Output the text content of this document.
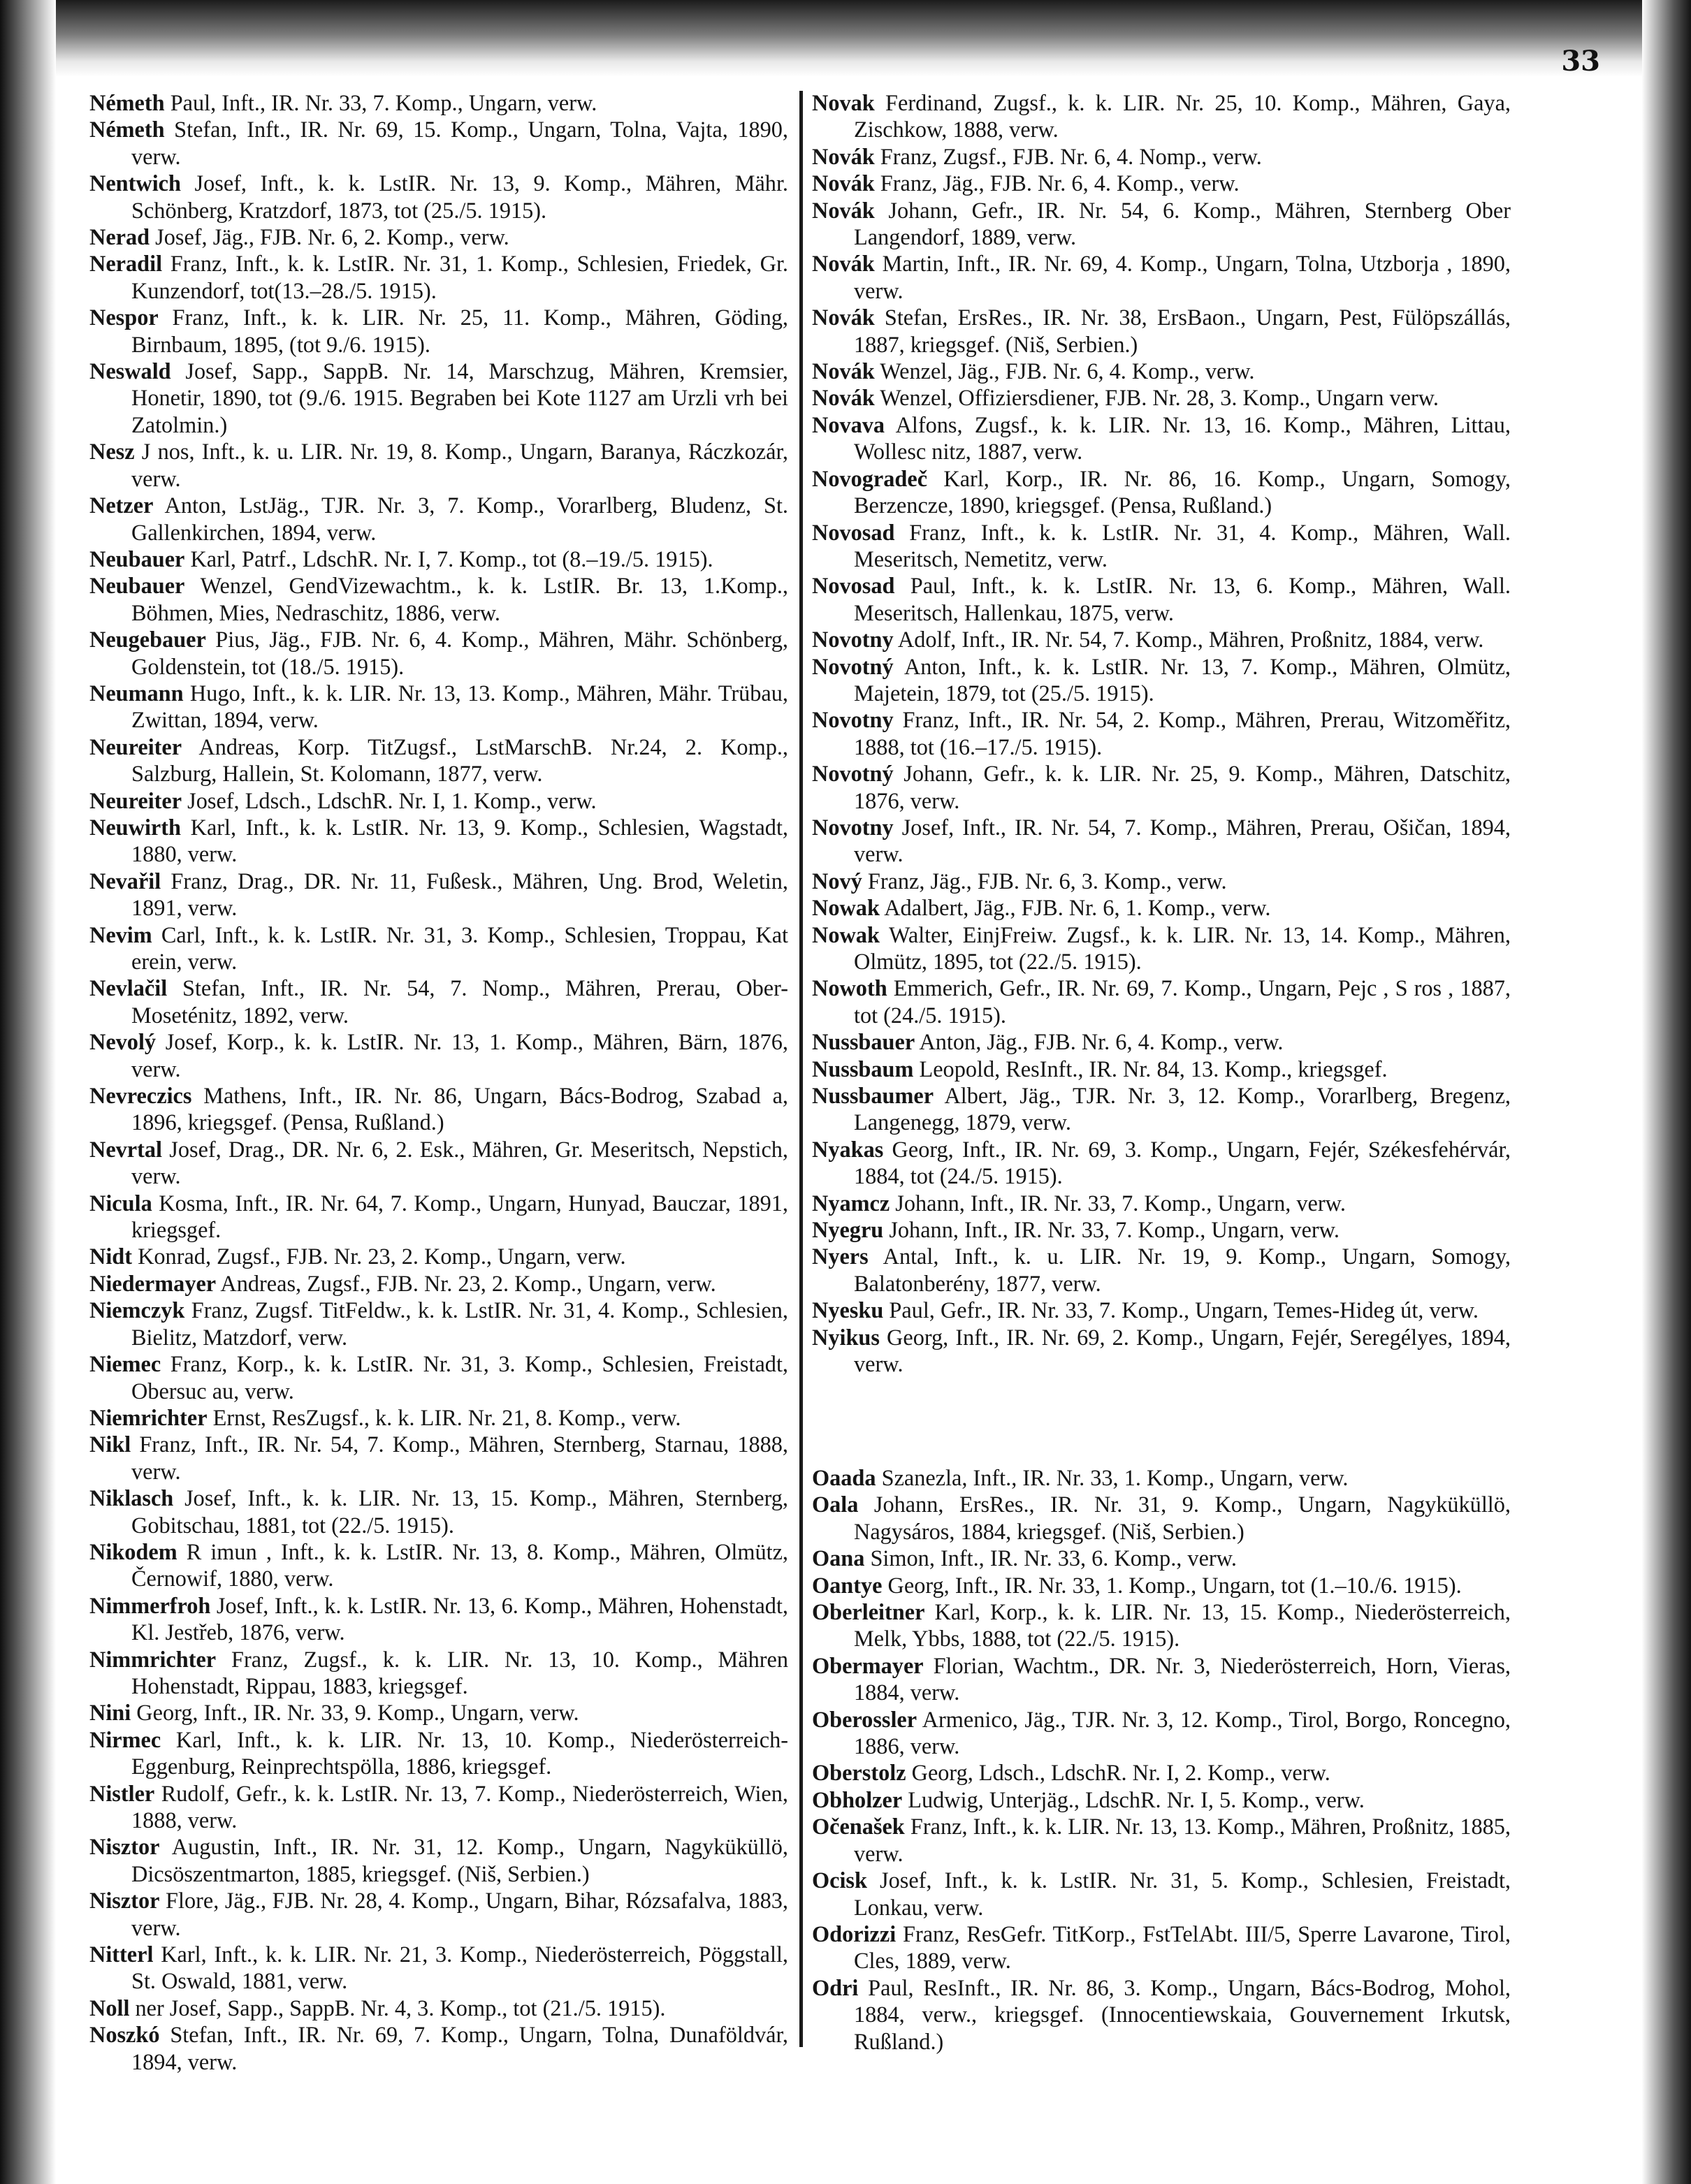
33
Németh Paul, Inft., IR. Nr. 33, 7. Komp., Ungarn, verw.
Németh Stefan, Inft., IR. Nr. 69, 15. Komp., Ungarn, Tolna, Vajta, 1890, verw.
Nentwich Josef, Inft., k. k. LstIR. Nr. 13, 9. Komp., Mähren, Mähr. Schönberg, Kratzdorf, 1873, tot (25./5. 1915).
Nerad Josef, Jäg., FJB. Nr. 6, 2. Komp., verw.
Neradil Franz, Inft., k. k. LstIR. Nr. 31, 1. Komp., Schlesien, Friedek, Gr. Kunzendorf, tot(13.–28./5. 1915).
Nespor Franz, Inft., k. k. LIR. Nr. 25, 11. Komp., Mähren, Göding, Birnbaum, 1895, (tot 9./6. 1915).
Neswald Josef, Sapp., SappB. Nr. 14, Marschzug, Mähren, Kremsier, Honetir, 1890, tot (9./6. 1915. Begraben bei Kote 1127 am Urzli vrh bei Zatolmin.)
Nesz J nos, Inft., k. u. LIR. Nr. 19, 8. Komp., Ungarn, Baranya, Ráczkozár, verw.
Netzer Anton, LstJäg., TJR. Nr. 3, 7. Komp., Vorarlberg, Bludenz, St. Gallenkirchen, 1894, verw.
Neubauer Karl, Patrf., LdschR. Nr. I, 7. Komp., tot (8.–19./5. 1915).
Neubauer Wenzel, GendVizewachtm., k. k. LstIR. Br. 13, 1.Komp., Böhmen, Mies, Nedraschitz, 1886, verw.
Neugebauer Pius, Jäg., FJB. Nr. 6, 4. Komp., Mähren, Mähr. Schönberg, Goldenstein, tot (18./5. 1915).
Neumann Hugo, Inft., k. k. LIR. Nr. 13, 13. Komp., Mähren, Mähr. Trübau, Zwittan, 1894, verw.
Neureiter Andreas, Korp. TitZugsf., LstMarschB. Nr.24, 2. Komp., Salzburg, Hallein, St. Kolomann, 1877, verw.
Neureiter Josef, Ldsch., LdschR. Nr. I, 1. Komp., verw.
Neuwirth Karl, Inft., k. k. LstIR. Nr. 13, 9. Komp., Schlesien, Wagstadt, 1880, verw.
Nevařil Franz, Drag., DR. Nr. 11, Fußesk., Mähren, Ung. Brod, Weletin, 1891, verw.
Nevim Carl, Inft., k. k. LstIR. Nr. 31, 3. Komp., Schlesien, Troppau, Kat erein, verw.
Nevlačil Stefan, Inft., IR. Nr. 54, 7. Nomp., Mähren, Prerau, Ober-Moseténitz, 1892, verw.
Nevolý Josef, Korp., k. k. LstIR. Nr. 13, 1. Komp., Mähren, Bärn, 1876, verw.
Nevreczics Mathens, Inft., IR. Nr. 86, Ungarn, Bács-Bodrog, Szabad a, 1896, kriegsgef. (Pensa, Rußland.)
Nevrtal Josef, Drag., DR. Nr. 6, 2. Esk., Mähren, Gr. Meseritsch, Nepstich, verw.
Nicula Kosma, Inft., IR. Nr. 64, 7. Komp., Ungarn, Hunyad, Bauczar, 1891, kriegsgef.
Nidt Konrad, Zugsf., FJB. Nr. 23, 2. Komp., Ungarn, verw.
Niedermayer Andreas, Zugsf., FJB. Nr. 23, 2. Komp., Ungarn, verw.
Niemczyk Franz, Zugsf. TitFeldw., k. k. LstIR. Nr. 31, 4. Komp., Schlesien, Bielitz, Matzdorf, verw.
Niemec Franz, Korp., k. k. LstIR. Nr. 31, 3. Komp., Schlesien, Freistadt, Obersuc au, verw.
Niemrichter Ernst, ResZugsf., k. k. LIR. Nr. 21, 8. Komp., verw.
Nikl Franz, Inft., IR. Nr. 54, 7. Komp., Mähren, Sternberg, Starnau, 1888, verw.
Niklasch Josef, Inft., k. k. LIR. Nr. 13, 15. Komp., Mähren, Sternberg, Gobitschau, 1881, tot (22./5. 1915).
Nikodem R imun , Inft., k. k. LstIR. Nr. 13, 8. Komp., Mähren, Olmütz, Černowif, 1880, verw.
Nimmerfroh Josef, Inft., k. k. LstIR. Nr. 13, 6. Komp., Mähren, Hohenstadt, Kl. Jestřeb, 1876, verw.
Nimmrichter Franz, Zugsf., k. k. LIR. Nr. 13, 10. Komp., Mähren Hohenstadt, Rippau, 1883, kriegsgef.
Nini Georg, Inft., IR. Nr. 33, 9. Komp., Ungarn, verw.
Nirmec Karl, Inft., k. k. LIR. Nr. 13, 10. Komp., Niederösterreich-Eggenburg, Reinprechtspölla, 1886, kriegsgef.
Nistler Rudolf, Gefr., k. k. LstIR. Nr. 13, 7. Komp., Niederösterreich, Wien, 1888, verw.
Nisztor Augustin, Inft., IR. Nr. 31, 12. Komp., Ungarn, Nagyküküllö, Dicsöszentmarton, 1885, kriegsgef. (Niš, Serbien.)
Nisztor Flore, Jäg., FJB. Nr. 28, 4. Komp., Ungarn, Bihar, Rózsafalva, 1883, verw.
Nitterl Karl, Inft., k. k. LIR. Nr. 21, 3. Komp., Niederösterreich, Pöggstall, St. Oswald, 1881, verw.
Noll ner Josef, Sapp., SappB. Nr. 4, 3. Komp., tot (21./5. 1915).
Noszkó Stefan, Inft., IR. Nr. 69, 7. Komp., Ungarn, Tolna, Dunaföldvár, 1894, verw.
Novak Ferdinand, Zugsf., k. k. LIR. Nr. 25, 10. Komp., Mähren, Gaya, Zischkow, 1888, verw.
Novák Franz, Zugsf., FJB. Nr. 6, 4. Nomp., verw.
Novák Franz, Jäg., FJB. Nr. 6, 4. Komp., verw.
Novák Johann, Gefr., IR. Nr. 54, 6. Komp., Mähren, Sternberg Ober Langendorf, 1889, verw.
Novák Martin, Inft., IR. Nr. 69, 4. Komp., Ungarn, Tolna, Utzborja , 1890, verw.
Novák Stefan, ErsRes., IR. Nr. 38, ErsBaon., Ungarn, Pest, Fülöpszállás, 1887, kriegsgef. (Niš, Serbien.)
Novák Wenzel, Jäg., FJB. Nr. 6, 4. Komp., verw.
Novák Wenzel, Offiziersdiener, FJB. Nr. 28, 3. Komp., Ungarn verw.
Novava Alfons, Zugsf., k. k. LIR. Nr. 13, 16. Komp., Mähren, Littau, Wollesc nitz, 1887, verw.
Novogradeč Karl, Korp., IR. Nr. 86, 16. Komp., Ungarn, Somogy, Berzencze, 1890, kriegsgef. (Pensa, Rußland.)
Novosad Franz, Inft., k. k. LstIR. Nr. 31, 4. Komp., Mähren, Wall. Meseritsch, Nemetitz, verw.
Novosad Paul, Inft., k. k. LstIR. Nr. 13, 6. Komp., Mähren, Wall. Meseritsch, Hallenkau, 1875, verw.
Novotny Adolf, Inft., IR. Nr. 54, 7. Komp., Mähren, Proßnitz, 1884, verw.
Novotný Anton, Inft., k. k. LstIR. Nr. 13, 7. Komp., Mähren, Olmütz, Majetein, 1879, tot (25./5. 1915).
Novotny Franz, Inft., IR. Nr. 54, 2. Komp., Mähren, Prerau, Witzoměřitz, 1888, tot (16.–17./5. 1915).
Novotný Johann, Gefr., k. k. LIR. Nr. 25, 9. Komp., Mähren, Datschitz, 1876, verw.
Novotny Josef, Inft., IR. Nr. 54, 7. Komp., Mähren, Prerau, Ošičan, 1894, verw.
Nový Franz, Jäg., FJB. Nr. 6, 3. Komp., verw.
Nowak Adalbert, Jäg., FJB. Nr. 6, 1. Komp., verw.
Nowak Walter, EinjFreiw. Zugsf., k. k. LIR. Nr. 13, 14. Komp., Mähren, Olmütz, 1895, tot (22./5. 1915).
Nowoth Emmerich, Gefr., IR. Nr. 69, 7. Komp., Ungarn, Pejc , S ros , 1887, tot (24./5. 1915).
Nussbauer Anton, Jäg., FJB. Nr. 6, 4. Komp., verw.
Nussbaum Leopold, ResInft., IR. Nr. 84, 13. Komp., kriegsgef.
Nussbaumer Albert, Jäg., TJR. Nr. 3, 12. Komp., Vorarlberg, Bregenz, Langenegg, 1879, verw.
Nyakas Georg, Inft., IR. Nr. 69, 3. Komp., Ungarn, Fejér, Székesfehérvár, 1884, tot (24./5. 1915).
Nyamcz Johann, Inft., IR. Nr. 33, 7. Komp., Ungarn, verw.
Nyegru Johann, Inft., IR. Nr. 33, 7. Komp., Ungarn, verw.
Nyers Antal, Inft., k. u. LIR. Nr. 19, 9. Komp., Ungarn, Somogy, Balatonberény, 1877, verw.
Nyesku Paul, Gefr., IR. Nr. 33, 7. Komp., Ungarn, Temes-Hideg út, verw.
Nyikus Georg, Inft., IR. Nr. 69, 2. Komp., Ungarn, Fejér, Seregélyes, 1894, verw.
Oaada Szanezla, Inft., IR. Nr. 33, 1. Komp., Ungarn, verw.
Oala Johann, ErsRes., IR. Nr. 31, 9. Komp., Ungarn, Nagyküküllö, Nagysáros, 1884, kriegsgef. (Niš, Serbien.)
Oana Simon, Inft., IR. Nr. 33, 6. Komp., verw.
Oantye Georg, Inft., IR. Nr. 33, 1. Komp., Ungarn, tot (1.–10./6. 1915).
Oberleitner Karl, Korp., k. k. LIR. Nr. 13, 15. Komp., Niederösterreich, Melk, Ybbs, 1888, tot (22./5. 1915).
Obermayer Florian, Wachtm., DR. Nr. 3, Niederösterreich, Horn, Vieras, 1884, verw.
Oberossler Armenico, Jäg., TJR. Nr. 3, 12. Komp., Tirol, Borgo, Roncegno, 1886, verw.
Oberstolz Georg, Ldsch., LdschR. Nr. I, 2. Komp., verw.
Obholzer Ludwig, Unterjäg., LdschR. Nr. I, 5. Komp., verw.
Očenašek Franz, Inft., k. k. LIR. Nr. 13, 13. Komp., Mähren, Proßnitz, 1885, verw.
Ocisk Josef, Inft., k. k. LstIR. Nr. 31, 5. Komp., Schlesien, Freistadt, Lonkau, verw.
Odorizzi Franz, ResGefr. TitKorp., FstTelAbt. III/5, Sperre Lavarone, Tirol, Cles, 1889, verw.
Odri Paul, ResInft., IR. Nr. 86, 3. Komp., Ungarn, Bács-Bodrog, Mohol, 1884, verw., kriegsgef. (Innocentiewskaia, Gouvernement Irkutsk, Rußland.)
